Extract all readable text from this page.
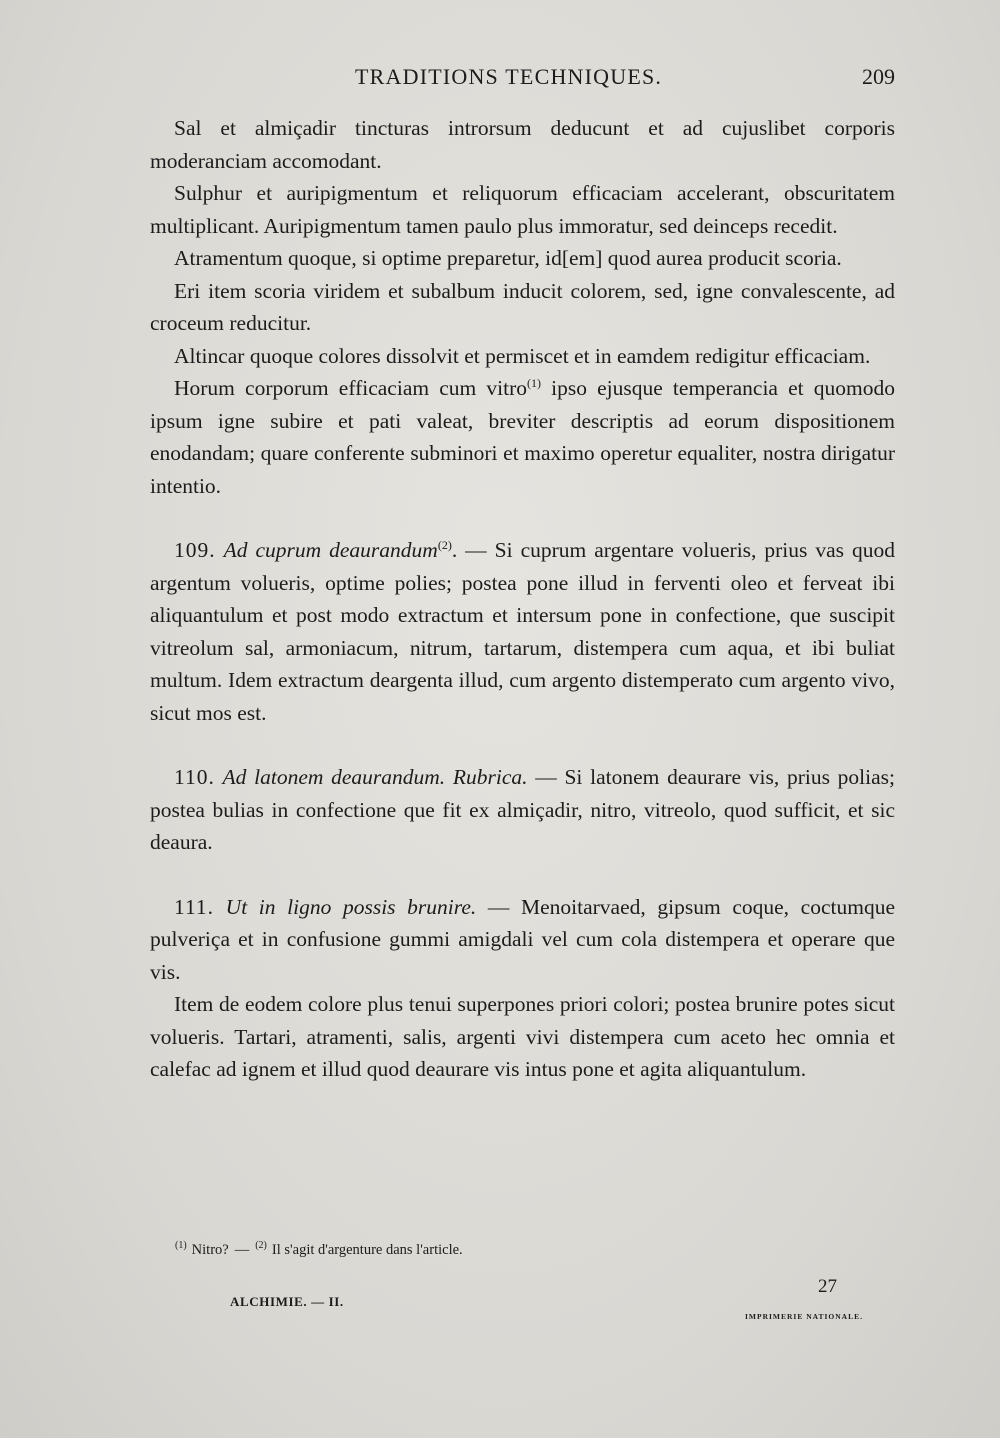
TRADITIONS TECHNIQUES.	209

Sal et almiçadir tincturas introrsum deducunt et ad cujuslibet corporis moderanciam accomodant.

Sulphur et auripigmentum et reliquorum efficaciam accelerant, obscuritatem multiplicant. Auripigmentum tamen paulo plus immoratur, sed deinceps recedit.

Atramentum quoque, si optime preparetur, id[em] quod aurea producit scoria.

Eri item scoria viridem et subalbum inducit colorem, sed, igne convalescente, ad croceum reducitur.

Altincar quoque colores dissolvit et permiscet et in eamdem redigitur efficaciam.

Horum corporum efficaciam cum vitro$^{(1)}$ ipso ejusque temperancia et quomodo ipsum igne subire et pati valeat, breviter descriptis ad eorum dispositionem enodandam; quare conferente subminori et maximo operetur equaliter, nostra dirigatur intentio.

109. Ad cuprum deaurandum$^{(2)}$. — Si cuprum argentare volueris, prius vas quod argentum volueris, optime polies; postea pone illud in ferventi oleo et ferveat ibi aliquantulum et post modo extractum et intersum pone in confectione, que suscipit vitreolum sal, armoniacum, nitrum, tartarum, distempera cum aqua, et ibi buliat multum. Idem extractum deargenta illud, cum argento distemperato cum argento vivo, sicut mos est.

110. Ad latonem deaurandum. Rubrica. — Si latonem deaurare vis, prius polias; postea bulias in confectione que fit ex almiçadir, nitro, vitreolo, quod sufficit, et sic deaura.

111. Ut in ligno possis brunire. — Menoitarvaed, gipsum coque, coctumque pulveriça et in confusione gummi amigdali vel cum cola distempera et operare que vis.

Item de eodem colore plus tenui superpones priori colori; postea brunire potes sicut volueris. Tartari, atramenti, salis, argenti vivi distempera cum aceto hec omnia et calefac ad ignem et illud quod deaurare vis intus pone et agita aliquantulum.

$^{(1)}$ Nitro? — $^{(2)}$ Il s'agit d'argenture dans l'article.
ALCHIMIE. — II.
27
IMPRIMERIE NATIONALE.
